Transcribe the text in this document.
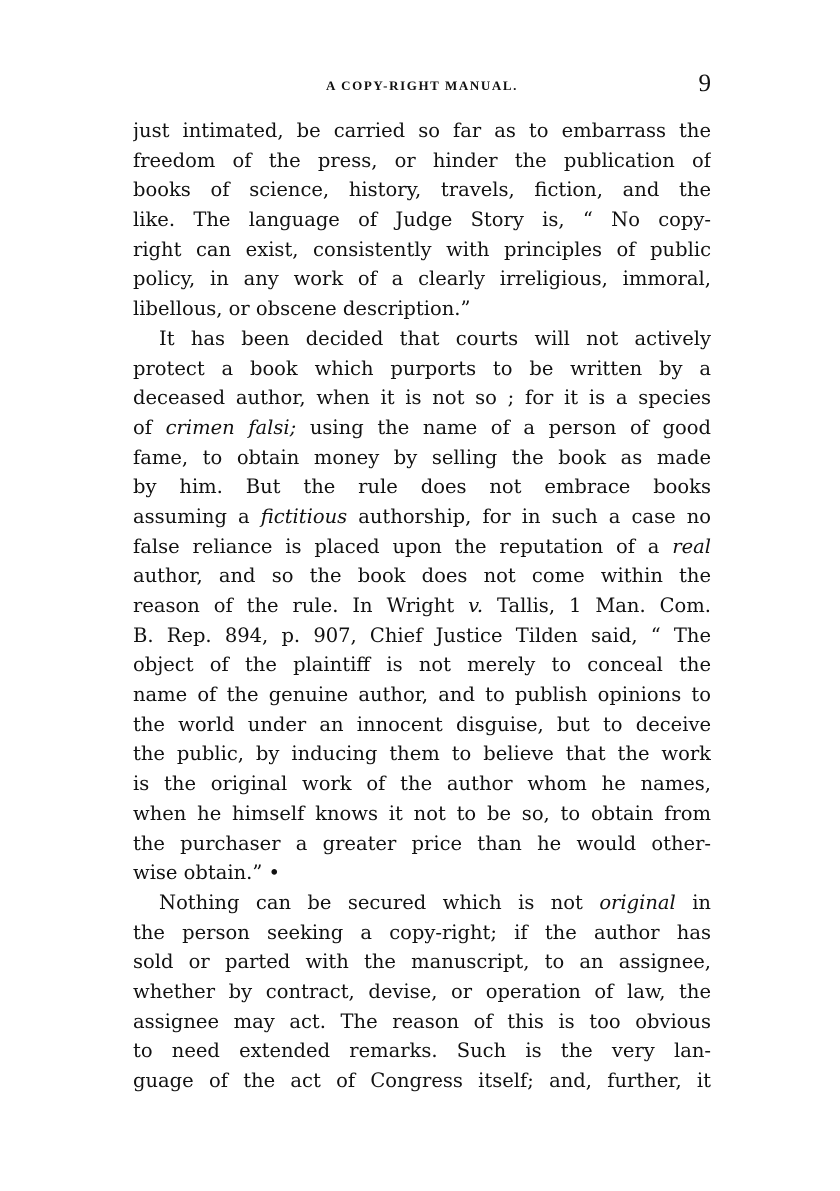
A COPY-RIGHT MANUAL.	9
just intimated, be carried so far as to embarrass the
freedom of the press, or hinder the publication of
books of science, history, travels, fiction, and the
like. The language of Judge Story is, “ No copy-
right can exist, consistently with principles of public
policy, in any work of a clearly irreligious, immoral,
libellous, or obscene description.”
It has been decided that courts will not actively
protect a book which purports to be written by a
deceased author, when it is not so ; for it is a species
of crimen falsi; using the name of a person of good
fame, to obtain money by selling the book as made
by him. But the rule does not embrace books
assuming a fictitious authorship, for in such a case no
false reliance is placed upon the reputation of a real
author, and so the book does not come within the
reason of the rule. In Wright v. Tallis, 1 Man. Com.
B. Rep. 894, p. 907, Chief Justice Tilden said, “ The
object of the plaintiff is not merely to conceal the
name of the genuine author, and to publish opinions to
the world under an innocent disguise, but to deceive
the public, by inducing them to believe that the work
is the original work of the author whom he names,
when he himself knows it not to be so, to obtain from
the purchaser a greater price than he would other-
wise obtain.” •
Nothing can be secured which is not original in
the person seeking a copy-right; if the author has
sold or parted with the manuscript, to an assignee,
whether by contract, devise, or operation of law, the
assignee may act. The reason of this is too obvious
to need extended remarks. Such is the very lan-
guage of the act of Congress itself; and, further, it
